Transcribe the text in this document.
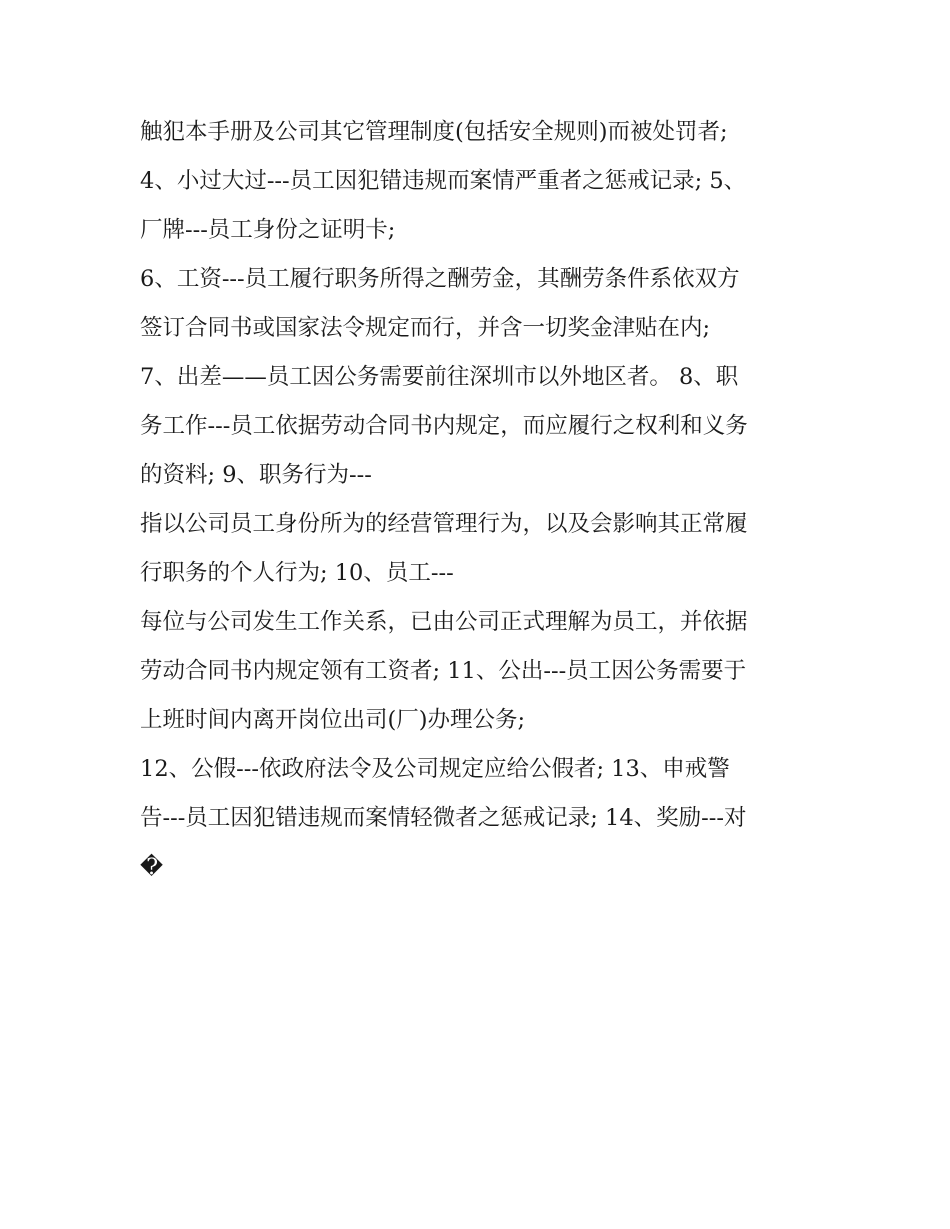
触犯本手册及公司其它管理制度(包括安全规则)而被处罚者;
4、小过大过---员工因犯错违规而案情严重者之惩戒记录; 5、
厂牌---员工身份之证明卡;
6、工资---员工履行职务所得之酬劳金，其酬劳条件系依双方
签订合同书或国家法令规定而行，并含一切奖金津贴在内;
7、出差——员工因公务需要前往深圳市以外地区者。 8、职
务工作---员工依据劳动合同书内规定，而应履行之权利和义务
的资料; 9、职务行为---
指以公司员工身份所为的经营管理行为，以及会影响其正常履
行职务的个人行为; 10、员工---
每位与公司发生工作关系，已由公司正式理解为员工，并依据
劳动合同书内规定领有工资者; 11、公出---员工因公务需要于
上班时间内离开岗位出司(厂)办理公务;
12、公假---依政府法令及公司规定应给公假者; 13、申戒警
告---员工因犯错违规而案情轻微者之惩戒记录; 14、奖励---对
�
